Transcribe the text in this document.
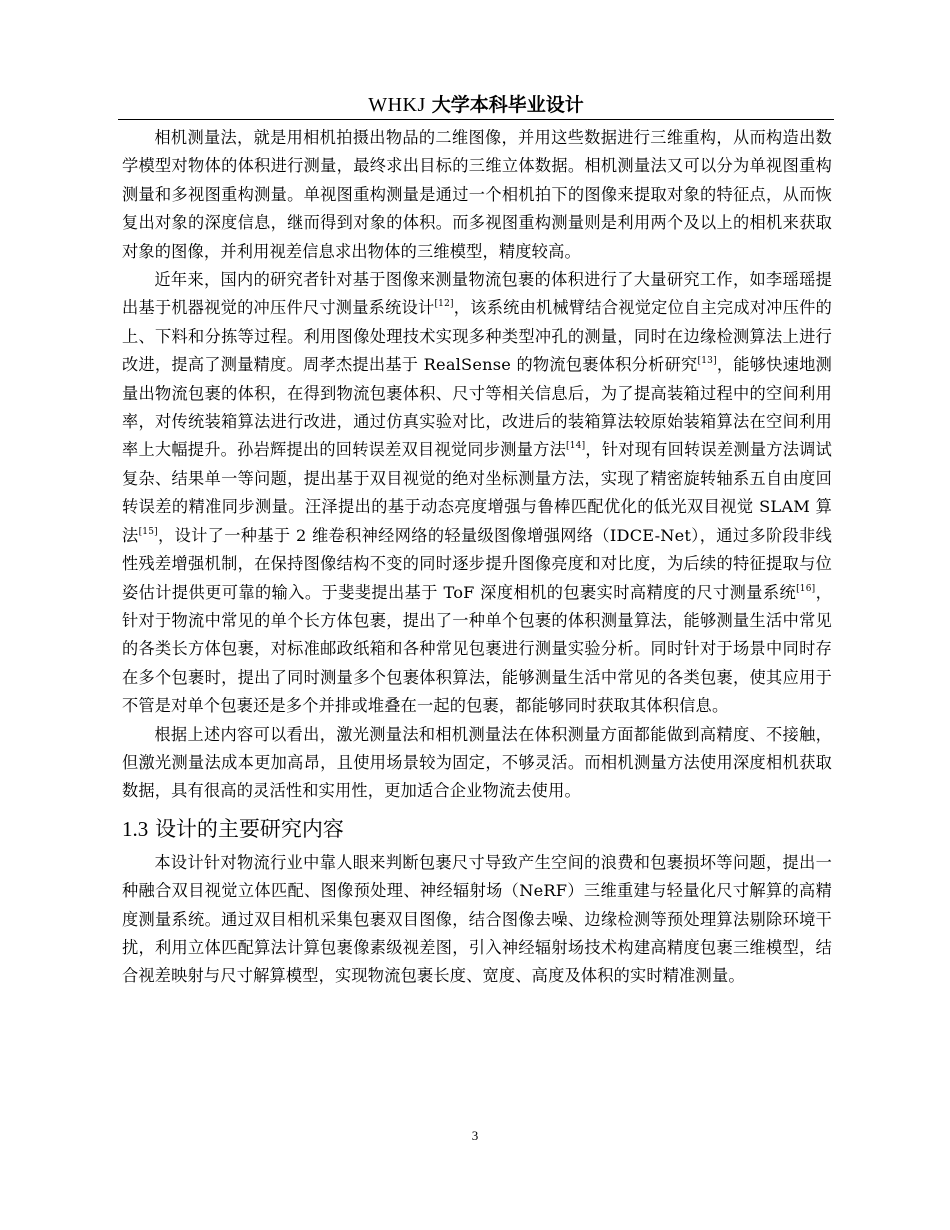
WHKJ 大学本科毕业设计

相机测量法，就是用相机拍摄出物品的二维图像，并用这些数据进行三维重构，从而构造出数学模型对物体的体积进行测量，最终求出目标的三维立体数据。相机测量法又可以分为单视图重构测量和多视图重构测量。单视图重构测量是通过一个相机拍下的图像来提取对象的特征点，从而恢复出对象的深度信息，继而得到对象的体积。而多视图重构测量则是利用两个及以上的相机来获取对象的图像，并利用视差信息求出物体的三维模型，精度较高。

近年来，国内的研究者针对基于图像来测量物流包裹的体积进行了大量研究工作，如李瑶瑶提出基于机器视觉的冲压件尺寸测量系统设计[12]，该系统由机械臂结合视觉定位自主完成对冲压件的上、下料和分拣等过程。利用图像处理技术实现多种类型冲孔的测量，同时在边缘检测算法上进行改进，提高了测量精度。周孝杰提出基于 RealSense 的物流包裹体积分析研究[13]，能够快速地测量出物流包裹的体积，在得到物流包裹体积、尺寸等相关信息后，为了提高装箱过程中的空间利用率，对传统装箱算法进行改进，通过仿真实验对比，改进后的装箱算法较原始装箱算法在空间利用率上大幅提升。孙岩辉提出的回转误差双目视觉同步测量方法[14]，针对现有回转误差测量方法调试复杂、结果单一等问题，提出基于双目视觉的绝对坐标测量方法，实现了精密旋转轴系五自由度回转误差的精准同步测量。汪泽提出的基于动态亮度增强与鲁棒匹配优化的低光双目视觉 SLAM 算法[15]，设计了一种基于 2 维卷积神经网络的轻量级图像增强网络（IDCE-Net），通过多阶段非线性残差增强机制，在保持图像结构不变的同时逐步提升图像亮度和对比度，为后续的特征提取与位姿估计提供更可靠的输入。于斐斐提出基于 ToF 深度相机的包裹实时高精度的尺寸测量系统[16]，针对于物流中常见的单个长方体包裹，提出了一种单个包裹的体积测量算法，能够测量生活中常见的各类长方体包裹，对标准邮政纸箱和各种常见包裹进行测量实验分析。同时针对于场景中同时存在多个包裹时，提出了同时测量多个包裹体积算法，能够测量生活中常见的各类包裹，使其应用于不管是对单个包裹还是多个并排或堆叠在一起的包裹，都能够同时获取其体积信息。

根据上述内容可以看出，激光测量法和相机测量法在体积测量方面都能做到高精度、不接触，但激光测量法成本更加高昂，且使用场景较为固定，不够灵活。而相机测量方法使用深度相机获取数据，具有很高的灵活性和实用性，更加适合企业物流去使用。

1.3 设计的主要研究内容

本设计针对物流行业中靠人眼来判断包裹尺寸导致产生空间的浪费和包裹损坏等问题，提出一种融合双目视觉立体匹配、图像预处理、神经辐射场（NeRF）三维重建与轻量化尺寸解算的高精度测量系统。通过双目相机采集包裹双目图像，结合图像去噪、边缘检测等预处理算法剔除环境干扰，利用立体匹配算法计算包裹像素级视差图，引入神经辐射场技术构建高精度包裹三维模型，结合视差映射与尺寸解算模型，实现物流包裹长度、宽度、高度及体积的实时精准测量。

3
